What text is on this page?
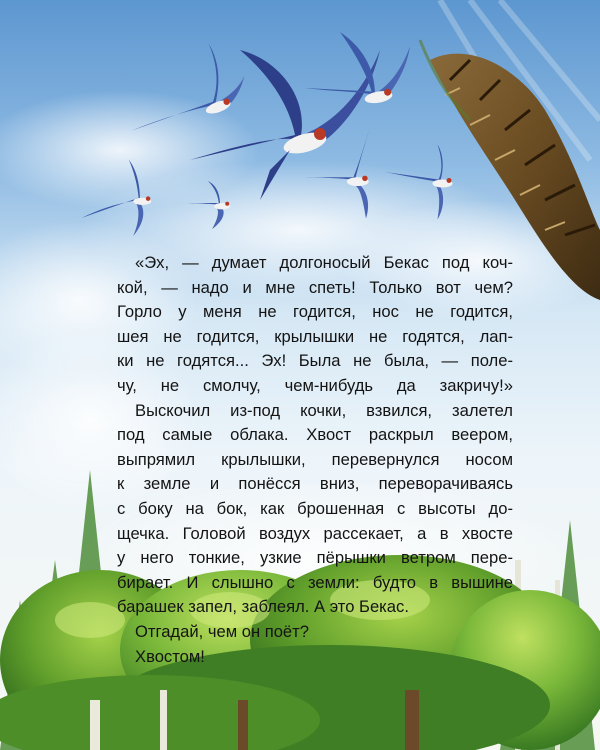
«Эх, — думает долгоносый Бекас под коч-
кой, — надо и мне спеть! Только вот чем?
Горло у меня не годится, нос не годится,
шея не годится, крылышки не годятся, лап-
ки не годятся... Эх! Была не была, — поле-
чу, не смолчу, чем-нибудь да закричу!»
Выскочил из-под кочки, взвился, залетел
под самые облака. Хвост раскрыл веером,
выпрямил крылышки, перевернулся носом
к земле и понёсся вниз, переворачиваясь
с боку на бок, как брошенная с высоты до-
щечка. Головой воздух рассекает, а в хвосте
у него тонкие, узкие пёрышки ветром пере-
бирает. И слышно с земли: будто в вышине
барашек запел, заблеял. А это Бекас.
Отгадай, чем он поёт?
Хвостом!
